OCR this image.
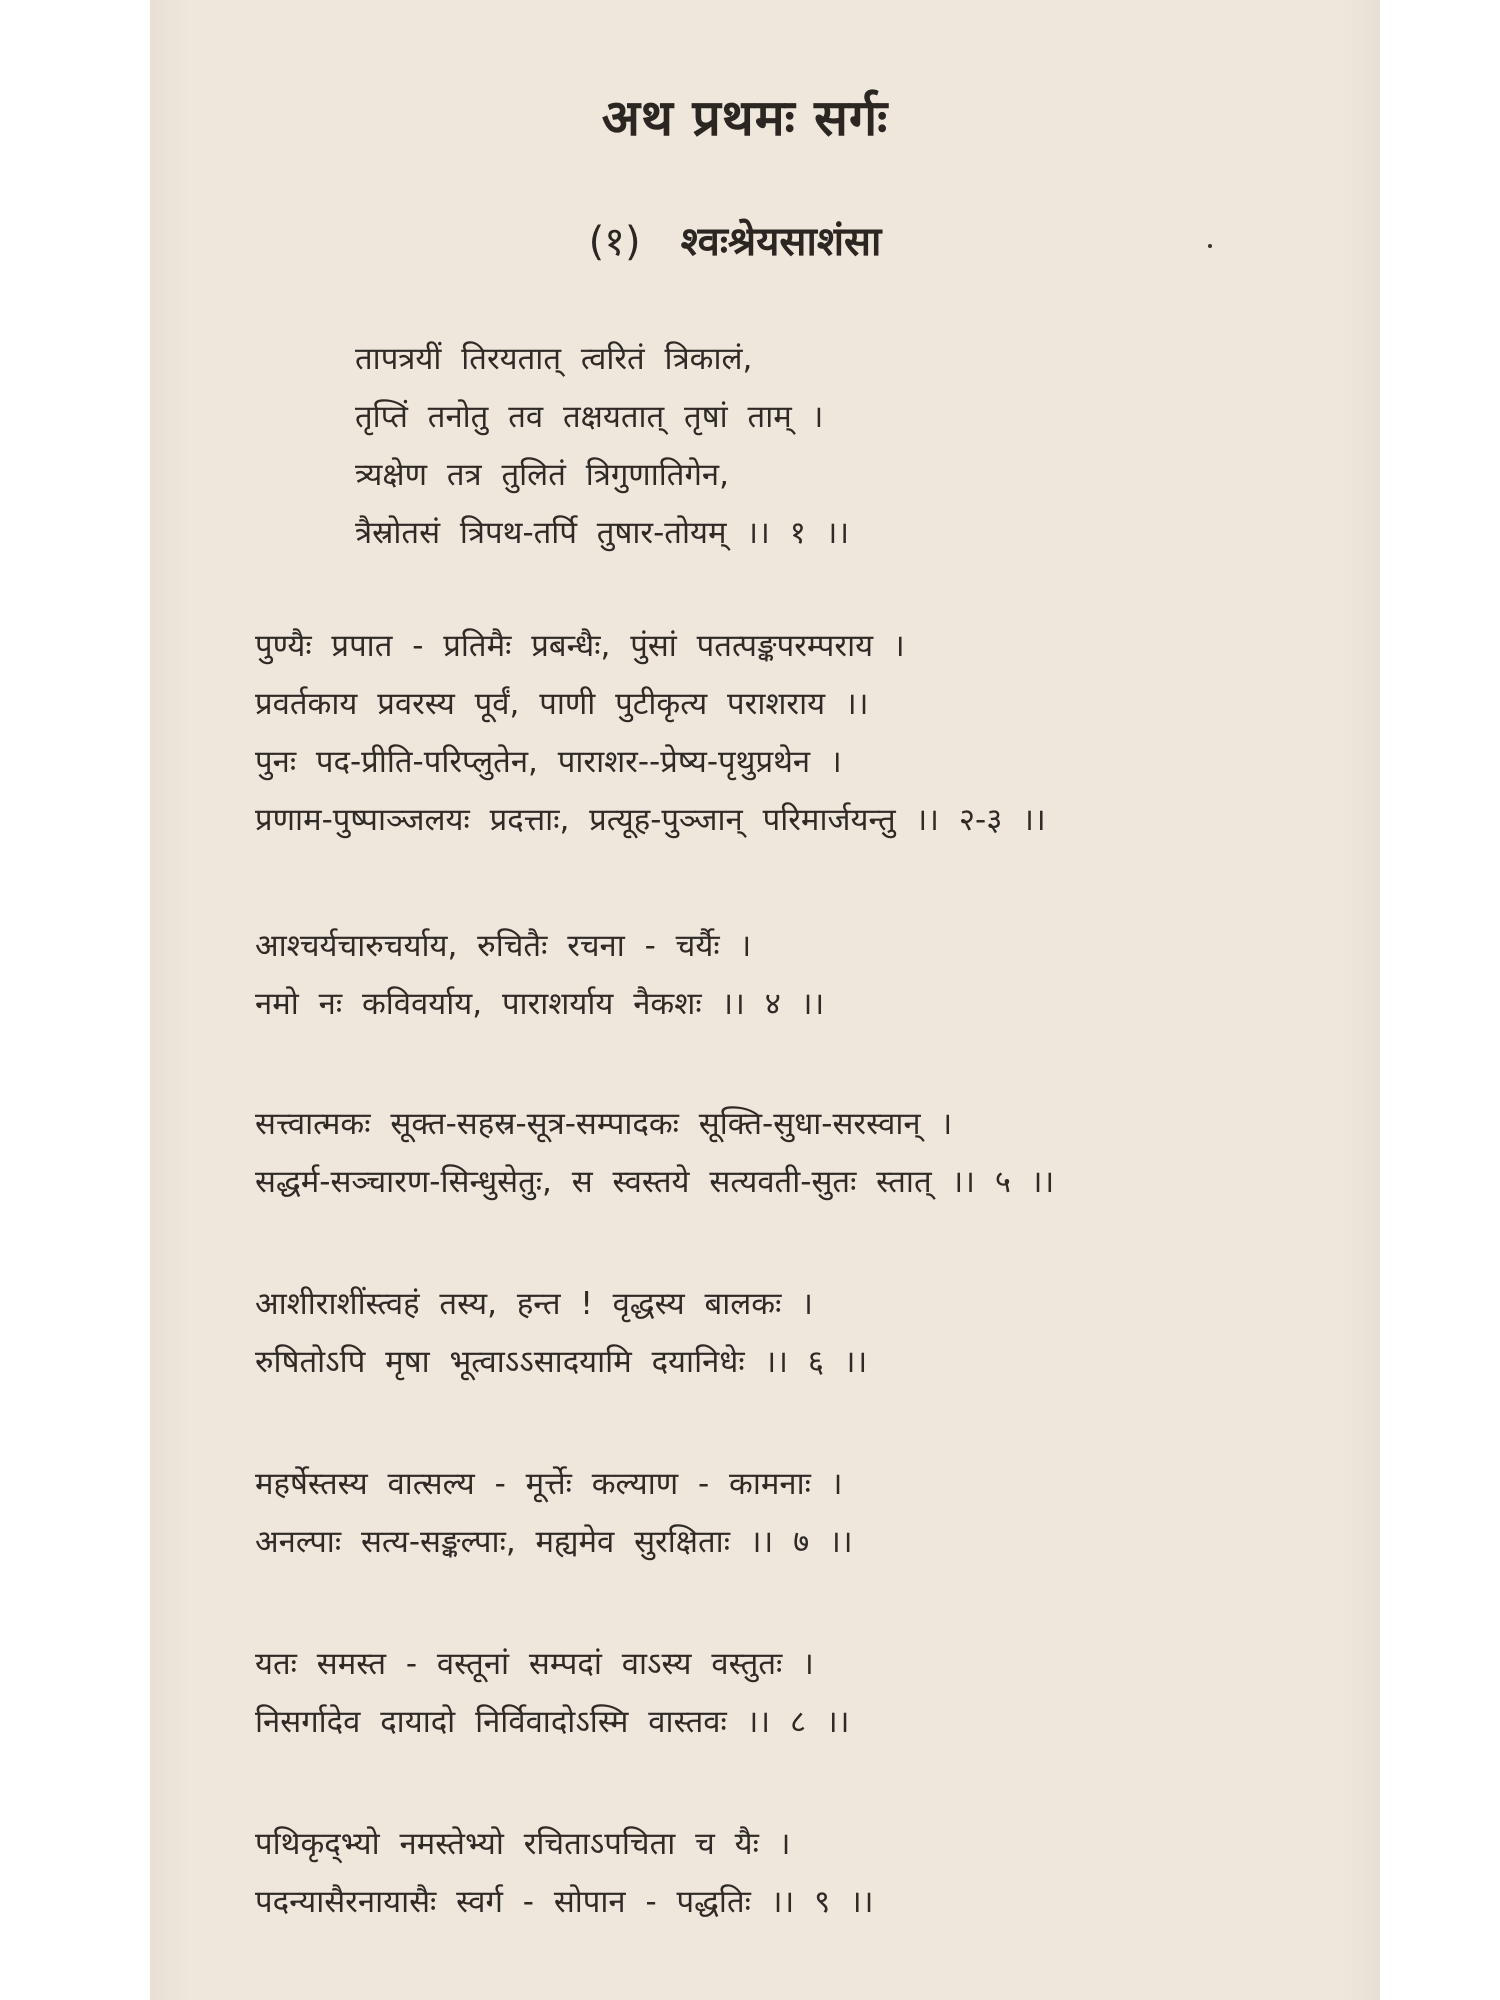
अथ प्रथमः सर्गः
(१) श्वःश्रेयसाशंसा
तापत्रयीं तिरयतात् त्वरितं त्रिकालं,
तृप्तिं तनोतु तव तक्षयतात् तृषां ताम् ।
त्र्यक्षेण तत्र तुलितं त्रिगुणातिगेन,
त्रैस्रोतसं त्रिपथ-तर्पि तुषार-तोयम् ।। १ ।।
पुण्यैः प्रपात - प्रतिमैः प्रबन्धैः, पुंसां पतत्पङ्कपरम्पराय ।
प्रवर्तकाय प्रवरस्य पूर्वं, पाणी पुटीकृत्य पराशराय ।।
पुनः पद-प्रीति-परिप्लुतेन, पाराशर--प्रेष्य-पृथुप्रथेन ।
प्रणाम-पुष्पाञ्जलयः प्रदत्ताः, प्रत्यूह-पुञ्जान् परिमार्जयन्तु ।। २-३ ।।
आश्चर्यचारुचर्याय, रुचितैः रचना - चर्यैः ।
नमो नः कविवर्याय, पाराशर्याय नैकशः ।। ४ ।।
सत्त्वात्मकः सूक्त-सहस्र-सूत्र-सम्पादकः सूक्ति-सुधा-सरस्वान् ।
सद्धर्म-सञ्चारण-सिन्धुसेतुः, स स्वस्तये सत्यवती-सुतः स्तात् ।। ५ ।।
आशीराशींस्त्वहं तस्य, हन्त ! वृद्धस्य बालकः ।
रुषितोऽपि मृषा भूत्वाऽऽसादयामि दयानिधेः ।। ६ ।।
महर्षेस्तस्य वात्सल्य - मूर्त्तेः कल्याण - कामनाः ।
अनल्पाः सत्य-सङ्कल्पाः, मह्यमेव सुरक्षिताः ।। ७ ।।
यतः समस्त - वस्तूनां सम्पदां वाऽस्य वस्तुतः ।
निसर्गादेव दायादो निर्विवादोऽस्मि वास्तवः ।। ८ ।।
पथिकृद्भ्यो नमस्तेभ्यो रचिताऽपचिता च यैः ।
पदन्यासैरनायासैः स्वर्ग - सोपान - पद्धतिः ।। ९ ।।
